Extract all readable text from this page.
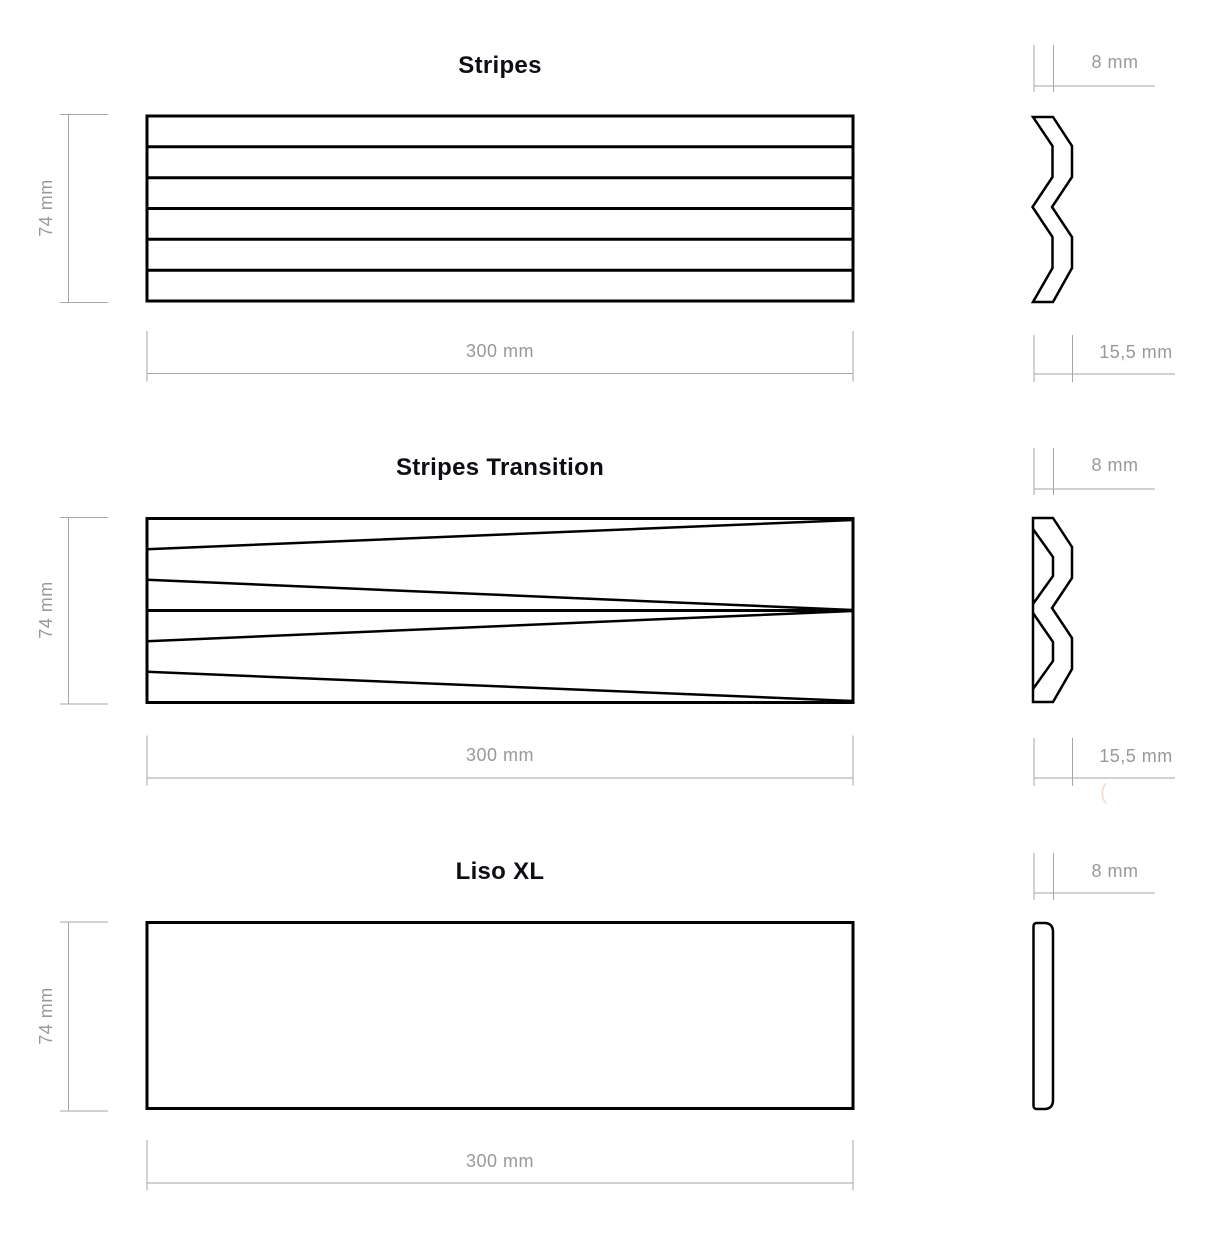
Stripes
74 mm
300 mm
8 mm
15,5 mm
Stripes Transition
74 mm
300 mm
8 mm
15,5 mm
(
Liso XL
74 mm
300 mm
8 mm
